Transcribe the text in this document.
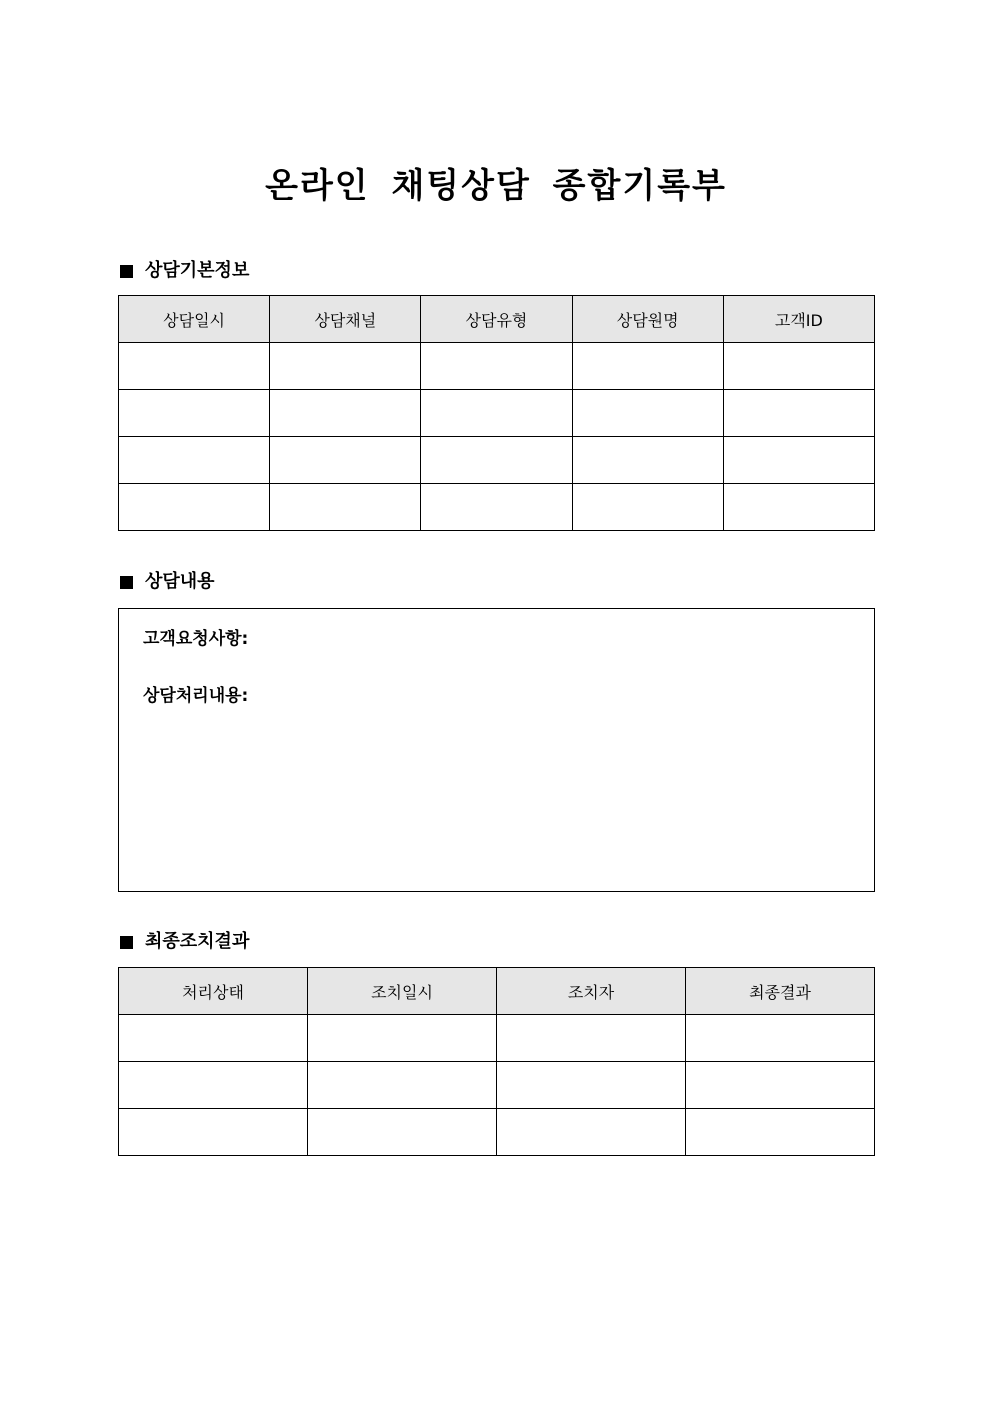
온라인 채팅상담 종합기록부
상담기본정보
상담일시	상담채널	상담유형	상담원명	고객ID

상담내용
고객요청사항:
상담처리내용:
최종조치결과
처리상태	조치일시	조치자	최종결과
